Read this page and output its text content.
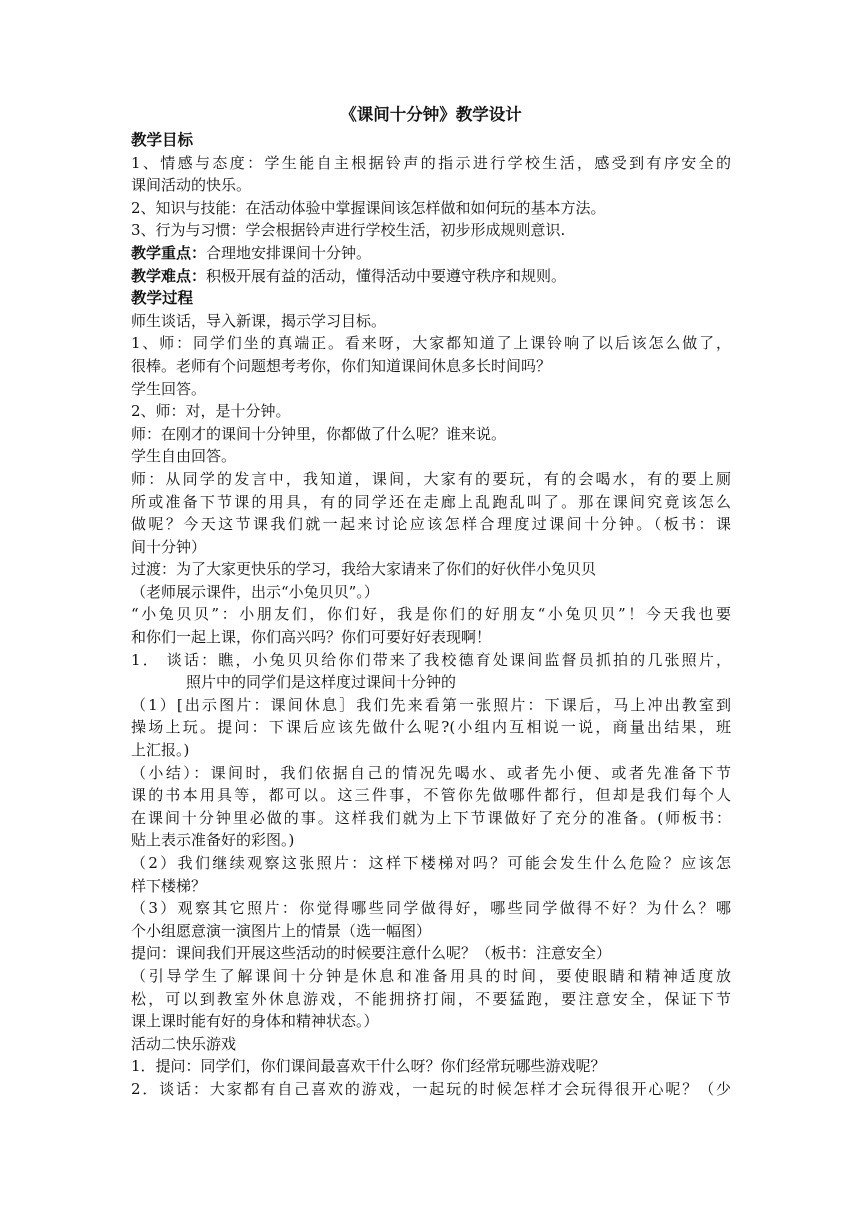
《课间十分钟》教学设计

教学目标

1、情感与态度：学生能自主根据铃声的指示进行学校生活，感受到有序安全的

课间活动的快乐。

2、知识与技能：在活动体验中掌握课间该怎样做和如何玩的基本方法。

3、行为与习惯：学会根据铃声进行学校生活，初步形成规则意识.

教学重点：合理地安排课间十分钟。

教学难点：积极开展有益的活动，懂得活动中要遵守秩序和规则。

教学过程

师生谈话，导入新课，揭示学习目标。

1、师：同学们坐的真端正。看来呀，大家都知道了上课铃响了以后该怎么做了，

很棒。老师有个问题想考考你，你们知道课间休息多长时间吗？

学生回答。

2、师：对，是十分钟。

师：在刚才的课间十分钟里，你都做了什么呢？谁来说。

学生自由回答。

师：从同学的发言中，我知道，课间，大家有的要玩，有的会喝水，有的要上厕

所或准备下节课的用具，有的同学还在走廊上乱跑乱叫了。那在课间究竟该怎么

做呢？今天这节课我们就一起来讨论应该怎样合理度过课间十分钟。（板书：课

间十分钟）

过渡：为了大家更快乐的学习，我给大家请来了你们的好伙伴小兔贝贝

（老师展示课件，出示“小兔贝贝”。）

“小兔贝贝”：小朋友们，你们好，我是你们的好朋友“小兔贝贝”！今天我也要

和你们一起上课，你们高兴吗？你们可要好好表现啊！

1． 谈话：瞧，小兔贝贝给你们带来了我校德育处课间监督员抓拍的几张照片，

照片中的同学们是这样度过课间十分钟的

（1）[出示图片：课间休息］我们先来看第一张照片：下课后，马上冲出教室到

操场上玩。提问：下课后应该先做什么呢?(小组内互相说一说，商量出结果，班

上汇报。)

（小结）：课间时，我们依据自己的情况先喝水、或者先小便、或者先准备下节

课的书本用具等，都可以。这三件事，不管你先做哪件都行，但却是我们每个人

在课间十分钟里必做的事。这样我们就为上下节课做好了充分的准备。(师板书：

贴上表示准备好的彩图。)

（2）我们继续观察这张照片：这样下楼梯对吗？可能会发生什么危险？应该怎

样下楼梯？

（3）观察其它照片：你觉得哪些同学做得好，哪些同学做得不好？为什么？哪

个小组愿意演一演图片上的情景（选一幅图）

提问：课间我们开展这些活动的时候要注意什么呢？（板书：注意安全）

（引导学生了解课间十分钟是休息和准备用具的时间，要使眼睛和精神适度放

松，可以到教室外休息游戏，不能拥挤打闹，不要猛跑，要注意安全，保证下节

课上课时能有好的身体和精神状态。）

活动二快乐游戏

1．提问：同学们，你们课间最喜欢干什么呀？你们经常玩哪些游戏呢？

2．谈话：大家都有自己喜欢的游戏，一起玩的时候怎样才会玩得很开心呢？（少
